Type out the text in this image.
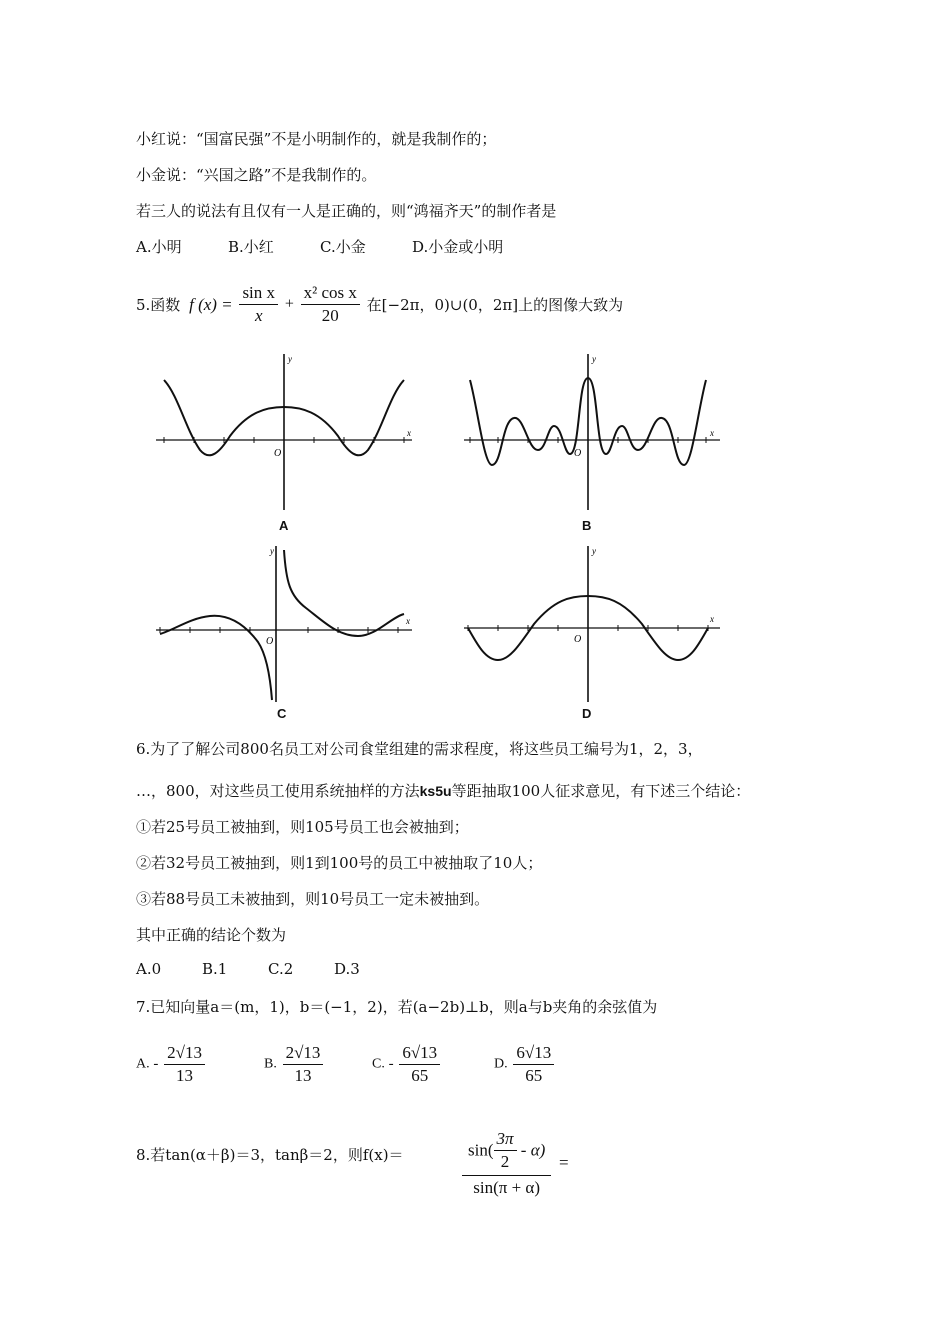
小红说：“国富民强”不是小明制作的，就是我制作的；
小金说：“兴国之路”不是我制作的。
若三人的说法有且仅有一人是正确的，则“鸿福齐天”的制作者是
A.小明	B.小红	C.小金	D.小金或小明
5.函数 f $(x) = \frac{\text{sin x}}{x} + \frac{\text{x² cos x}}{20}$ 在[−2π，0)∪(0，2π]上的图像大致为
y
x
O
A
y
x
O
B
y
x
O
C
y
x
O
D
6.为了了解公司800名员工对公司食堂组建的需求程度，将这些员工编号为1，2，3，
…，800，对这些员工使用系统抽样的方法ks5u等距抽取100人征求意见，有下述三个结论：
①若25号员工被抽到，则105号员工也会被抽到；
②若32号员工被抽到，则1到100号的员工中被抽取了10人；
③若88号员工未被抽到，则10号员工一定未被抽到。
其中正确的结论个数为
A.0	B.1	C.2	D.3
7.已知向量a＝(m，1)，b＝(−1，2)，若(a−2b)⊥b，则a与b夹角的余弦值为
A. - $\frac{2√13}{13}$	B. $\frac{2√13}{13}$	C. - $\frac{6√13}{65}$	D. $\frac{6√13}{65}$
8.若tan(α＋β)＝3，tanβ＝2，则f(x)＝	$\frac{\sin( \frac{3\pi}{2} - \alpha)}{\sin(\pi + \alpha)}$ =
